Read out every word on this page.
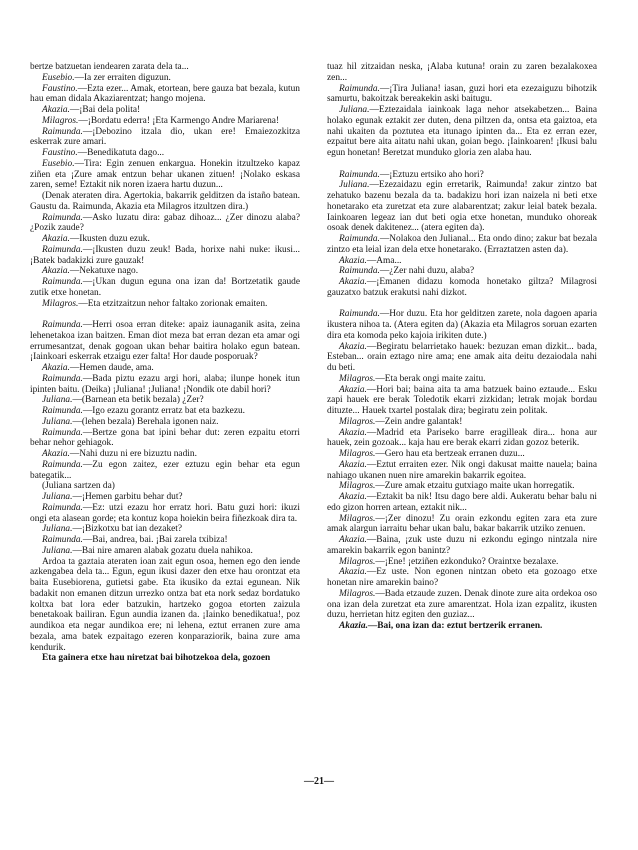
bertze batzuetan iendearen zarata dela ta...

Eusebio.—Ia zer erraiten diguzun.

Faustino.—Ezta ezer... Amak, etortean, bere gauza bat bezala, kutun hau eman didala Akaziarentzat; hango mojena.

Akazia.—¡Bai dela polita!

Milagros.—¡Bordatu ederra! ¡Eta Karmengo Andre Mariarena!

Raimunda.—¡Debozino itzala dio, ukan ere! Emaiezozkitza eskerrak zure amari.

Faustino.—Benedikatuta dago...

Eusebio.—Tira: Egin zenuen enkargua. Honekin itzultzeko kapaz ziñen eta ¡Zure amak entzun behar ukanen zituen! ¡Nolako eskasa zaren, seme! Eztakit nik noren izaera hartu duzun...

(Denak ateraten dira. Agertokia, bakarrik gelditzen da istaño batean. Gaustu da. Raimunda, Akazia eta Milagros itzultzen dira.)

Raimunda.—Asko luzatu dira: gabaz dihoaz... ¿Zer dinozu alaba? ¿Pozik zaude?

Akazia.—Ikusten duzu ezuk.

Raimunda.—¡Ikusten duzu zeuk! Bada, horixe nahi nuke: ikusi... ¡Batek badakizki zure gauzak!

Akazia.—Nekatuxe nago.

Raimunda.—¡Ukan dugun eguna ona izan da! Bortzetatik gaude zutik etxe honetan.

Milagros.—Eta etzitzaitzun nehor faltako zorionak emaiten.

Raimunda.—Herri osoa erran diteke: apaiz iaunaganik asita, zeina lehenetakoa izan baitzen. Eman diot meza bat erran dezan eta amar ogi errumesantzat, denak gogoan ukan behar baitira holako egun batean. ¡Iainkoari eskerrak etzaigu ezer falta! Hor daude posporuak?

Akazia.—Hemen daude, ama.

Raimunda.—Bada piztu ezazu argi hori, alaba; ilunpe honek itun ipinten baitu. (Deika) ¡Juliana! ¡Juliana! ¡Nondik ote dabil hori?

Juliana.—(Barnean eta betik bezala) ¿Zer?

Raimunda.—Igo ezazu gorantz erratz bat eta bazkezu.

Juliana.—(lehen bezala) Berehala igonen naiz.

Raimunda.—Bertze gona bat ipini behar dut: zeren ezpaitu etorri behar nehor gehiagok.

Akazia.—Nahi duzu ni ere bizuztu nadin.

Raimunda.—Zu egon zaitez, ezer eztuzu egin behar eta egun bategatik...

(Juliana sartzen da)

Juliana.—¡Hemen garbitu behar dut?

Raimunda.—Ez: utzi ezazu hor erratz hori. Batu guzi hori: ikuzi ongi eta alasean gorde; eta kontuz kopa hoiekin beira fiñezkoak dira ta.

Juliana.—¡Bizkotxu bat ian dezaket?

Raimunda.—Bai, andrea, bai. ¡Bai zarela txibiza!

Juliana.—Bai nire amaren alabak gozatu duela nahikoa.

Ardoa ta gaztaia ateraten ioan zait egun osoa, hemen ego den iende azkengabea dela ta... Egun, egun ikusi dazer den etxe hau orontzat eta baita Eusebiorena, gutietsi gabe. Eta ikusiko da eztai egunean. Nik badakit non emanen ditzun urrezko ontza bat eta nork sedaz bordatuko koltxa bat lora eder batzukin, hartzeko gogoa etorten zaizula benetakoak bailiran. Egun aundia izanen da. ¡Iainko benedikatua!, poz aundikoa eta negar aundikoa ere; ni lehena, eztut erranen zure ama bezala, ama batek ezpaitago ezeren konparaziorik, baina zure ama kendurik.

Eta gainera etxe hau niretzat bai bihotzekoa dela, gozoen

tuaz hil zitzaidan neska, ¡Alaba kutuna! orain zu zaren bezalakoxea zen...

Raimunda.—¡Tira Juliana! iasan, guzi hori eta ezezaiguzu bihotzik samurtu, bakoitzak bereakekin aski baitugu.

Juliana.—Eztezaidala iainkoak laga nehor atsekabetzen... Baina holako egunak eztakit zer duten, dena piltzen da, ontsa eta gaiztoa, eta nahi ukaiten da poztutea eta itunago ipinten da... Eta ez erran ezer, ezpaitut bere aita aitatu nahi ukan, goian bego. ¡Iainkoaren! ¡Ikusi balu egun honetan! Beretzat munduko gloria zen alaba hau.

Raimunda.—¡Eztuzu ertsiko aho hori?

Juliana.—Ezezaidazu egin erretarik, Raimunda! zakur zintzo bat zehatuko bazenu bezala da ta. badakizu hori izan naizela ni beti etxe honetarako eta zuretzat eta zure alabarentzat; zakur leial batek bezala. Iainkoaren legeaz ian dut beti ogia etxe honetan, munduko ohoreak osoak denek dakitenez... (atera egiten da).

Raimunda.—Nolakoa den Julianal... Eta ondo dino; zakur bat bezala zintzo eta leial izan dela etxe honetarako. (Erraztatzen asten da).

Akazia.—Ama...

Raimunda.—¿Zer nahi duzu, alaba?

Akazia.—¡Emanen didazu komoda honetako giltza? Milagrosi gauzatxo batzuk erakutsi nahi dizkot.

Raimunda.—Hor duzu. Eta hor gelditzen zarete, nola dagoen aparia ikustera nihoa ta. (Atera egiten da) (Akazia eta Milagros soruan ezarten dira eta komoda peko kajoia irikiten dute.)

Akazia.—Begiratu belarrietako hauek: bezuzan eman dizkit... bada, Esteban... orain eztago nire ama; ene amak aita deitu dezaiodala nahi du beti.

Milagros.—Eta berak ongi maite zaitu.

Akazia.—Hori bai; baina aita ta ama batzuek baino eztaude... Esku zapi hauek ere berak Toledotik ekarri zizkidan; letrak mojak bordau dituzte... Hauek txartel postalak dira; begiratu zein politak.

Milagros.—Zein andre galantak!

Akazia.—Madrid eta Pariseko barre eragilleak dira... hona aur hauek, zein gozoak... kaja hau ere berak ekarri zidan gozoz beterik.

Milagros.—Gero hau eta bertzeak erranen duzu...

Akazia.—Eztut erraiten ezer. Nik ongi dakusat maitte nauela; baina nahiago ukanen nuen nire amarekin bakarrik egoitea.

Milagros.—Zure amak etzaitu gutxiago maite ukan horregatik.

Akazia.—Eztakit ba nik! Itsu dago bere aldi. Aukeratu behar balu ni edo gizon horren artean, eztakit nik...

Milagros.—¡Zer dinozu! Zu orain ezkondu egiten zara eta zure amak alargun iarraitu behar ukan balu, bakar bakarrik utziko zenuen.

Akazia.—Baina, ¡zuk uste duzu ni ezkondu egingo nintzala nire amarekin bakarrik egon banintz?

Milagros.—¡Ene! ¡etziñen ezkonduko? Oraintxe bezalaxe.

Akazia.—Ez uste. Non egonen nintzan obeto eta gozoago etxe honetan nire amarekin baino?

Milagros.—Bada etzaude zuzen. Denak dinote zure aita ordekoa oso ona izan dela zuretzat eta zure amarentzat. Hola izan ezpalitz, ikusten duzu, herrietan hitz egiten den guziaz...

Akazia.—Bai, ona izan da: eztut bertzerik erranen.

—21—
